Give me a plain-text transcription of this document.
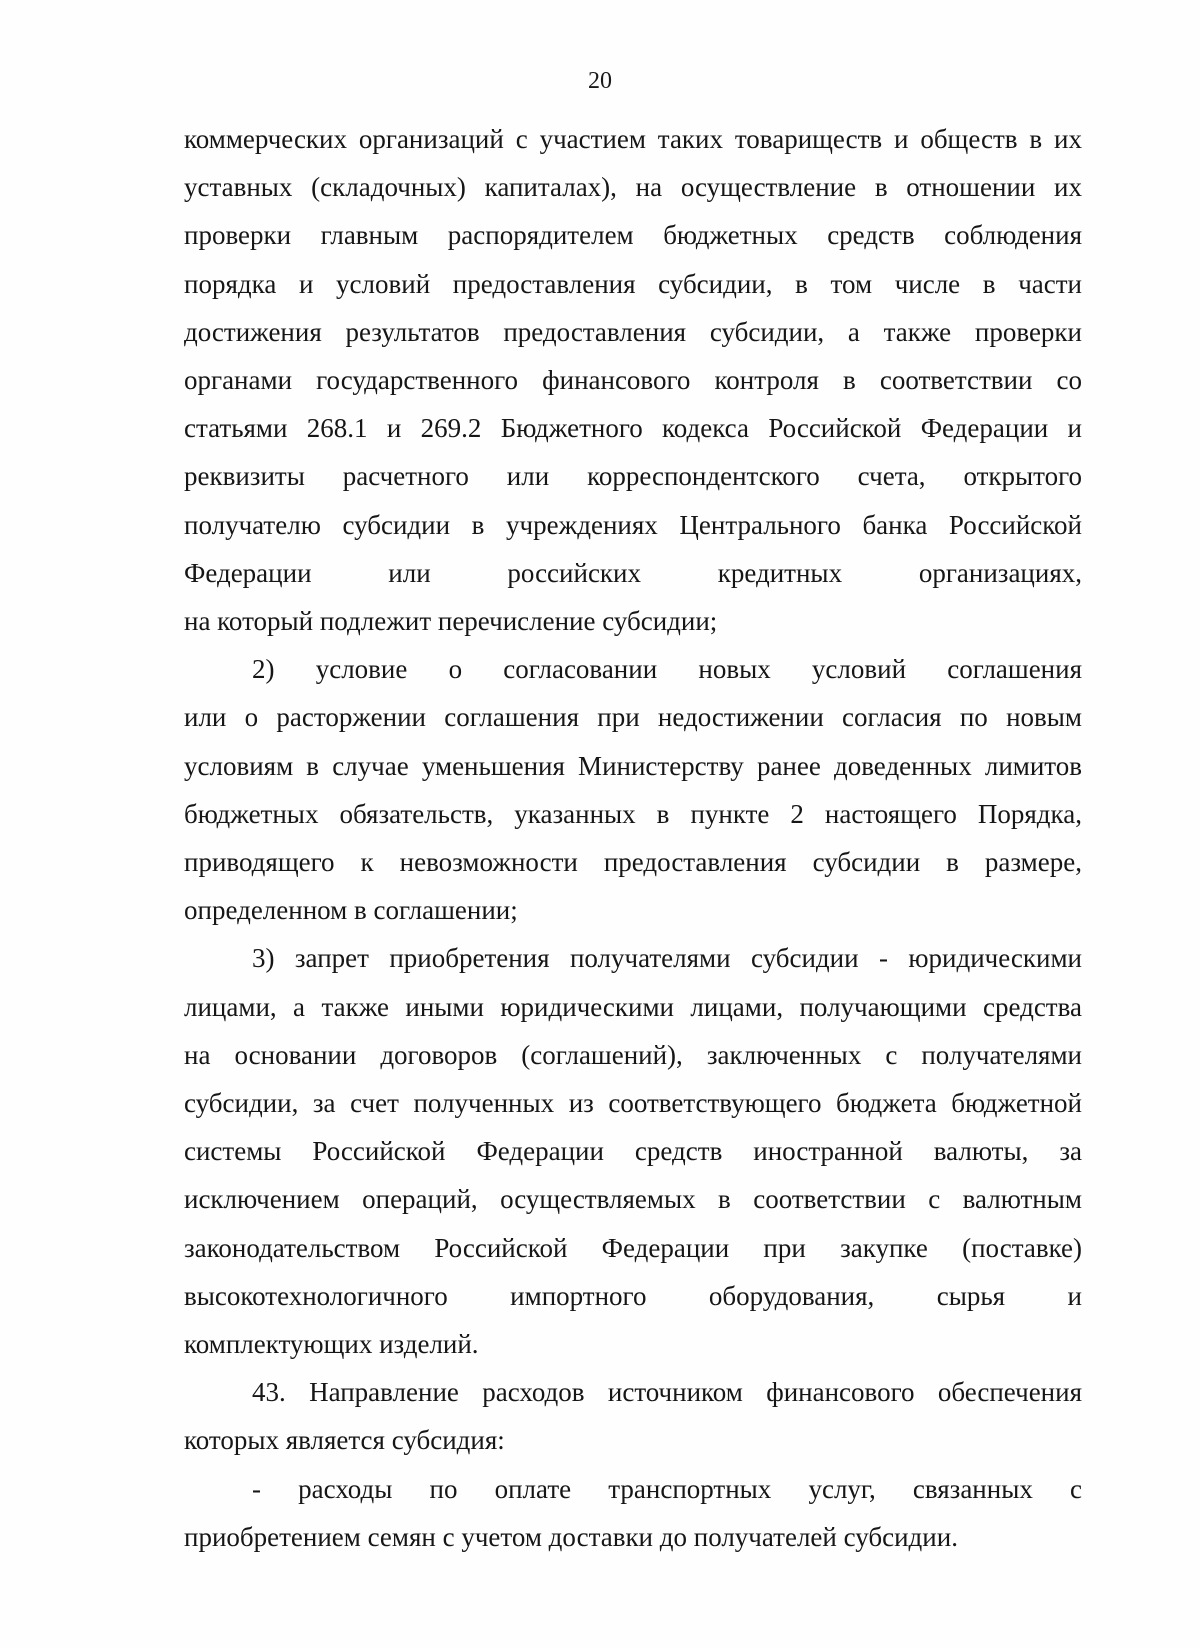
20
коммерческих организаций с участием таких товариществ и обществ в их
уставных (складочных) капиталах), на осуществление в отношении их
проверки главным распорядителем бюджетных средств соблюдения
порядка и условий предоставления субсидии, в том числе в части
достижения результатов предоставления субсидии, а также проверки
органами государственного финансового контроля в соответствии со
статьями 268.1 и 269.2 Бюджетного кодекса Российской Федерации и
реквизиты расчетного или корреспондентского счета, открытого
получателю субсидии в учреждениях Центрального банка Российской
Федерации или российских кредитных организациях,
на который подлежит перечисление субсидии;
2) условие о согласовании новых условий соглашения
или о расторжении соглашения при недостижении согласия по новым
условиям в случае уменьшения Министерству ранее доведенных лимитов
бюджетных обязательств, указанных в пункте 2 настоящего Порядка,
приводящего к невозможности предоставления субсидии в размере,
определенном в соглашении;
3) запрет приобретения получателями субсидии - юридическими
лицами, а также иными юридическими лицами, получающими средства
на основании договоров (соглашений), заключенных с получателями
субсидии, за счет полученных из соответствующего бюджета бюджетной
системы Российской Федерации средств иностранной валюты, за
исключением операций, осуществляемых в соответствии с валютным
законодательством Российской Федерации при закупке (поставке)
высокотехнологичного импортного оборудования, сырья и
комплектующих изделий.
43. Направление расходов источником финансового обеспечения
которых является субсидия:
- расходы по оплате транспортных услуг, связанных с
приобретением семян с учетом доставки до получателей субсидии.
